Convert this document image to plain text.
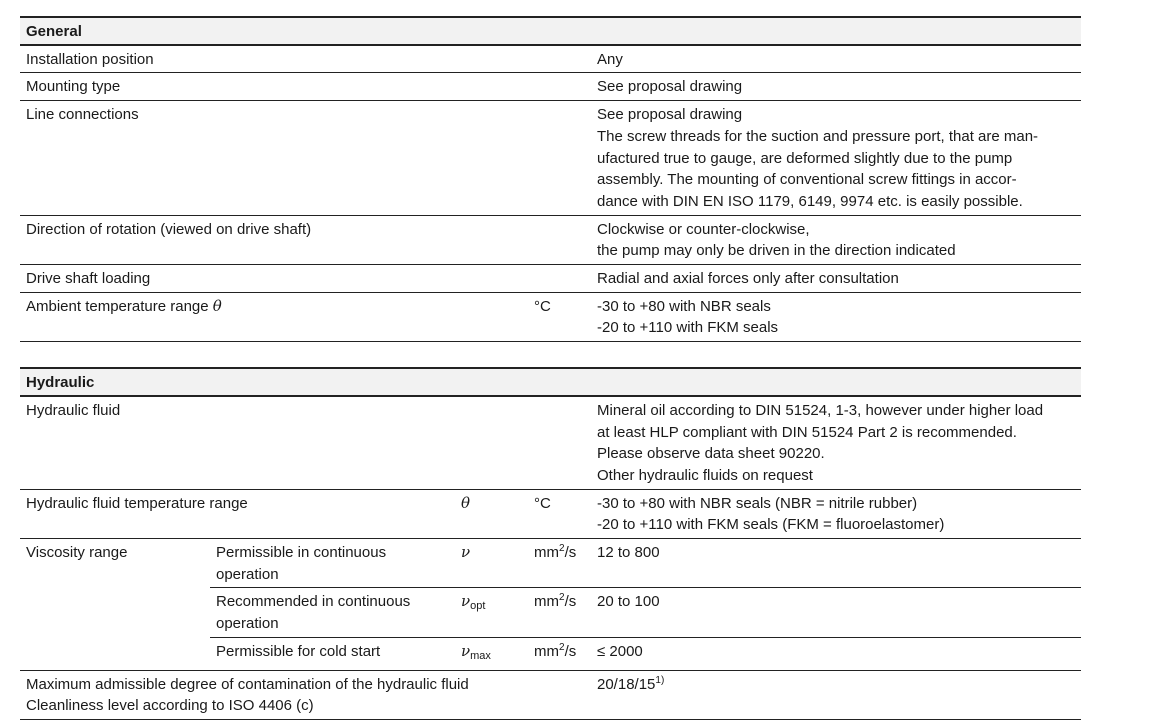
General		
Installation position		Any
Mounting type		See proposal drawing
Line connections		See proposal drawing
The screw threads for the suction and pressure port, that are man-
ufactured true to gauge, are deformed slightly due to the pump
assembly. The mounting of conventional screw fittings in accor-
dance with DIN EN ISO 1179, 6149, 9974 etc. is easily possible.

Direction of rotation (viewed on drive shaft)		Clockwise or counter-clockwise,
the pump may only be driven in the direction indicated

Drive shaft loading		Radial and axial forces only after consultation
Ambient temperature range θ	°C	-30 to +80 with NBR seals
-20 to +110 with FKM seals
Hydraulic				
Hydraulic fluid				Mineral oil according to DIN 51524, 1-3, however under higher load
at least HLP compliant with DIN 51524 Part 2 is recommended.
Please observe data sheet 90220.
Other hydraulic fluids on request

Hydraulic fluid temperature range		θ	°C	-30 to +80 with NBR seals (NBR = nitrile rubber)
-20 to +110 with FKM seals (FKM = fluoroelastomer)

Viscosity range	Permissible in continuous
operation	ν	$mm^2/s$	12 to 800

	Recommended in continuous
operation	$\nu_{opt}$	$mm^2/s$	20 to 100

	Permissible for cold start	$\nu_{max}$	$mm^2/s$	≤ 2000

Maximum admissible degree of contamination of the hydraulic fluid
Cleanliness level according to ISO 4406 (c)				20/18/15$^{1)}$
